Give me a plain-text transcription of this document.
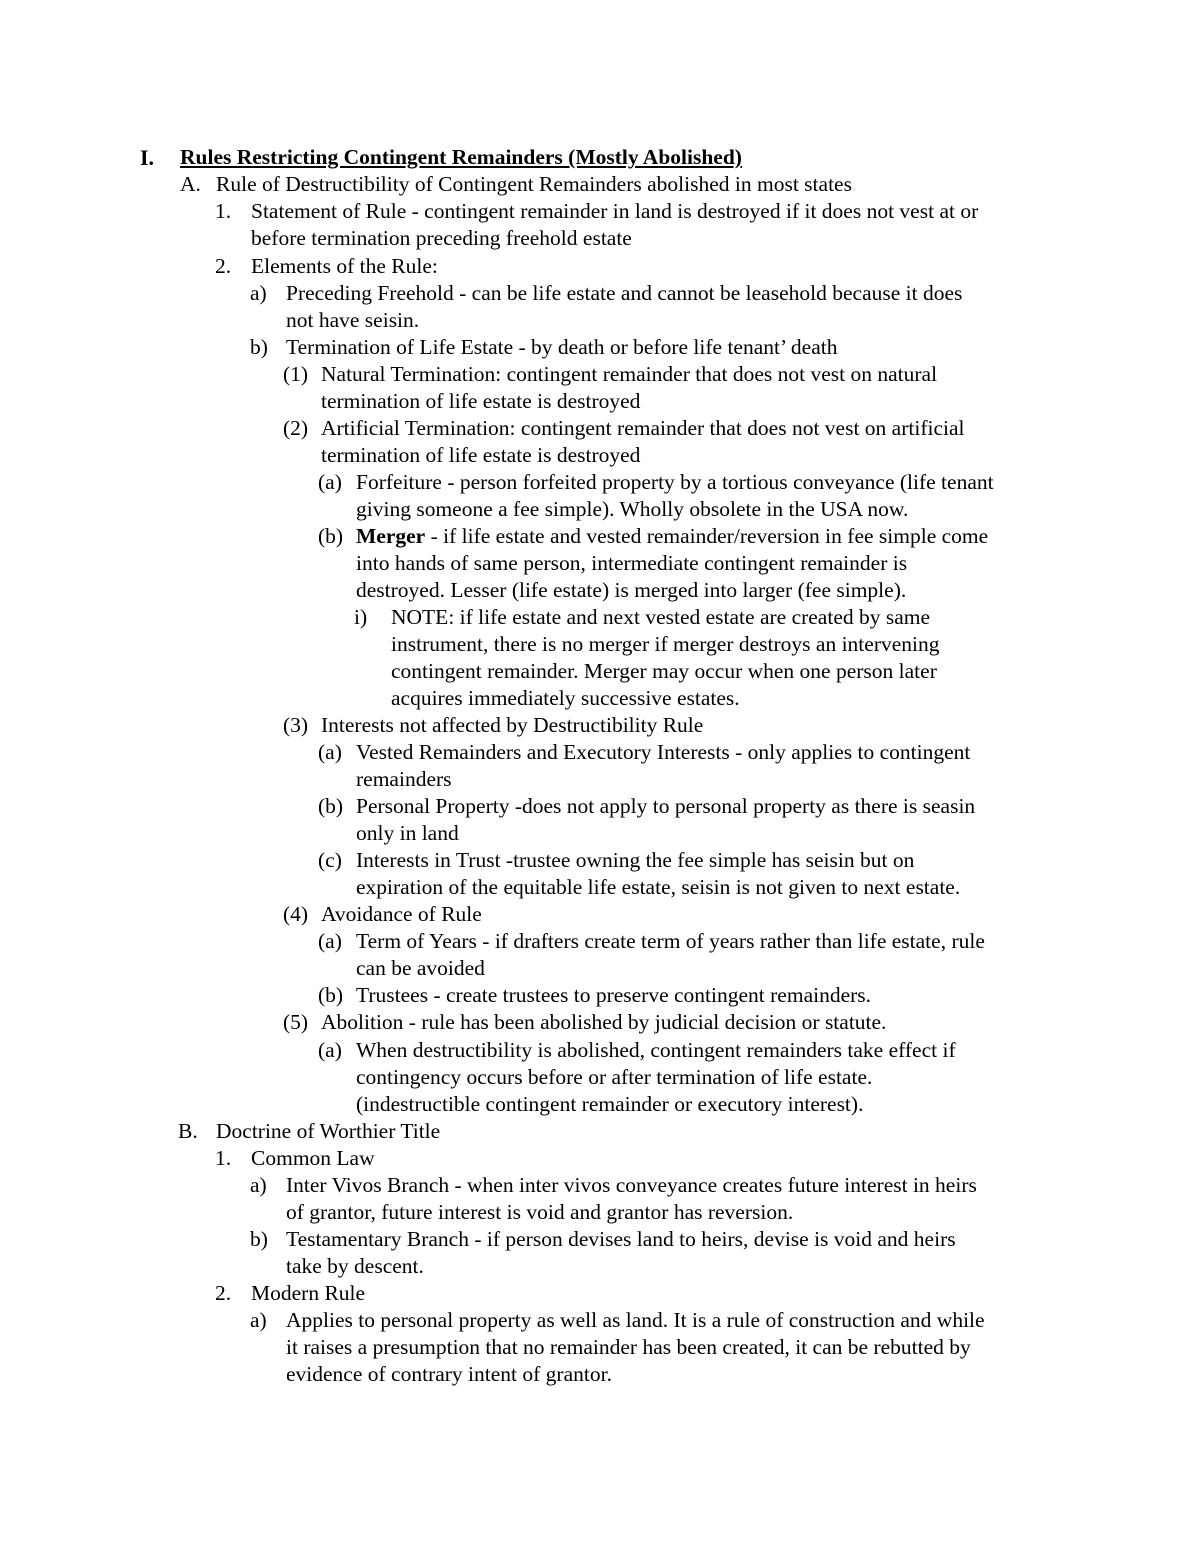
I. Rules Restricting Contingent Remainders (Mostly Abolished)
A. Rule of Destructibility of Contingent Remainders abolished in most states
1. Statement of Rule - contingent remainder in land is destroyed if it does not vest at or
before termination preceding freehold estate
2. Elements of the Rule:
a) Preceding Freehold - can be life estate and cannot be leasehold because it does
not have seisin.
b) Termination of Life Estate - by death or before life tenant’ death
(1) Natural Termination: contingent remainder that does not vest on natural
termination of life estate is destroyed
(2) Artificial Termination: contingent remainder that does not vest on artificial
termination of life estate is destroyed
(a) Forfeiture - person forfeited property by a tortious conveyance (life tenant
giving someone a fee simple). Wholly obsolete in the USA now.
(b) Merger - if life estate and vested remainder/reversion in fee simple come
into hands of same person, intermediate contingent remainder is
destroyed. Lesser (life estate) is merged into larger (fee simple).
i) NOTE: if life estate and next vested estate are created by same
instrument, there is no merger if merger destroys an intervening
contingent remainder. Merger may occur when one person later
acquires immediately successive estates.
(3) Interests not affected by Destructibility Rule
(a) Vested Remainders and Executory Interests - only applies to contingent
remainders
(b) Personal Property -does not apply to personal property as there is seasin
only in land
(c) Interests in Trust -trustee owning the fee simple has seisin but on
expiration of the equitable life estate, seisin is not given to next estate.
(4) Avoidance of Rule
(a) Term of Years - if drafters create term of years rather than life estate, rule
can be avoided
(b) Trustees - create trustees to preserve contingent remainders.
(5) Abolition - rule has been abolished by judicial decision or statute.
(a) When destructibility is abolished, contingent remainders take effect if
contingency occurs before or after termination of life estate.
(indestructible contingent remainder or executory interest).
B. Doctrine of Worthier Title
1. Common Law
a) Inter Vivos Branch - when inter vivos conveyance creates future interest in heirs
of grantor, future interest is void and grantor has reversion.
b) Testamentary Branch - if person devises land to heirs, devise is void and heirs
take by descent.
2. Modern Rule
a) Applies to personal property as well as land. It is a rule of construction and while
it raises a presumption that no remainder has been created, it can be rebutted by
evidence of contrary intent of grantor.
